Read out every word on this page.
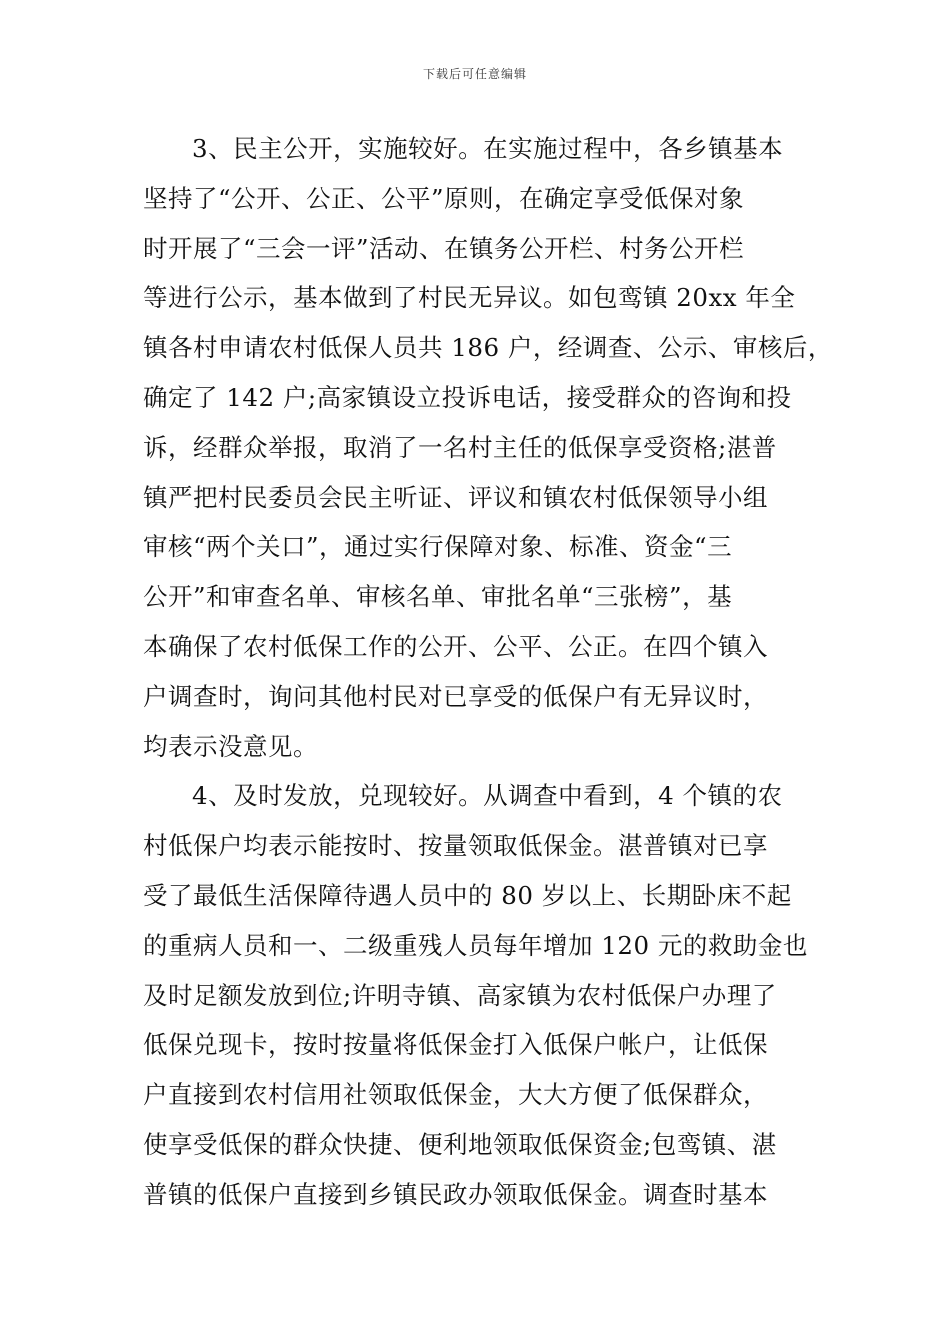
下载后可任意编辑
3、民主公开，实施较好。在实施过程中，各乡镇基本
坚持了“公开、公正、公平”原则，在确定享受低保对象
时开展了“三会一评”活动、在镇务公开栏、村务公开栏
等进行公示，基本做到了村民无异议。如包鸾镇 20xx 年全
镇各村申请农村低保人员共 186 户，经调查、公示、审核后，
确定了 142 户;高家镇设立投诉电话，接受群众的咨询和投
诉，经群众举报，取消了一名村主任的低保享受资格;湛普
镇严把村民委员会民主听证、评议和镇农村低保领导小组
审核“两个关口”，通过实行保障对象、标准、资金“三
公开”和审查名单、审核名单、审批名单“三张榜”，基
本确保了农村低保工作的公开、公平、公正。在四个镇入
户调查时，询问其他村民对已享受的低保户有无异议时，
均表示没意见。
4、及时发放，兑现较好。从调查中看到，4 个镇的农
村低保户均表示能按时、按量领取低保金。湛普镇对已享
受了最低生活保障待遇人员中的 80 岁以上、长期卧床不起
的重病人员和一、二级重残人员每年增加 120 元的救助金也
及时足额发放到位;许明寺镇、高家镇为农村低保户办理了
低保兑现卡，按时按量将低保金打入低保户帐户，让低保
户直接到农村信用社领取低保金，大大方便了低保群众，
使享受低保的群众快捷、便利地领取低保资金;包鸾镇、湛
普镇的低保户直接到乡镇民政办领取低保金。调查时基本
